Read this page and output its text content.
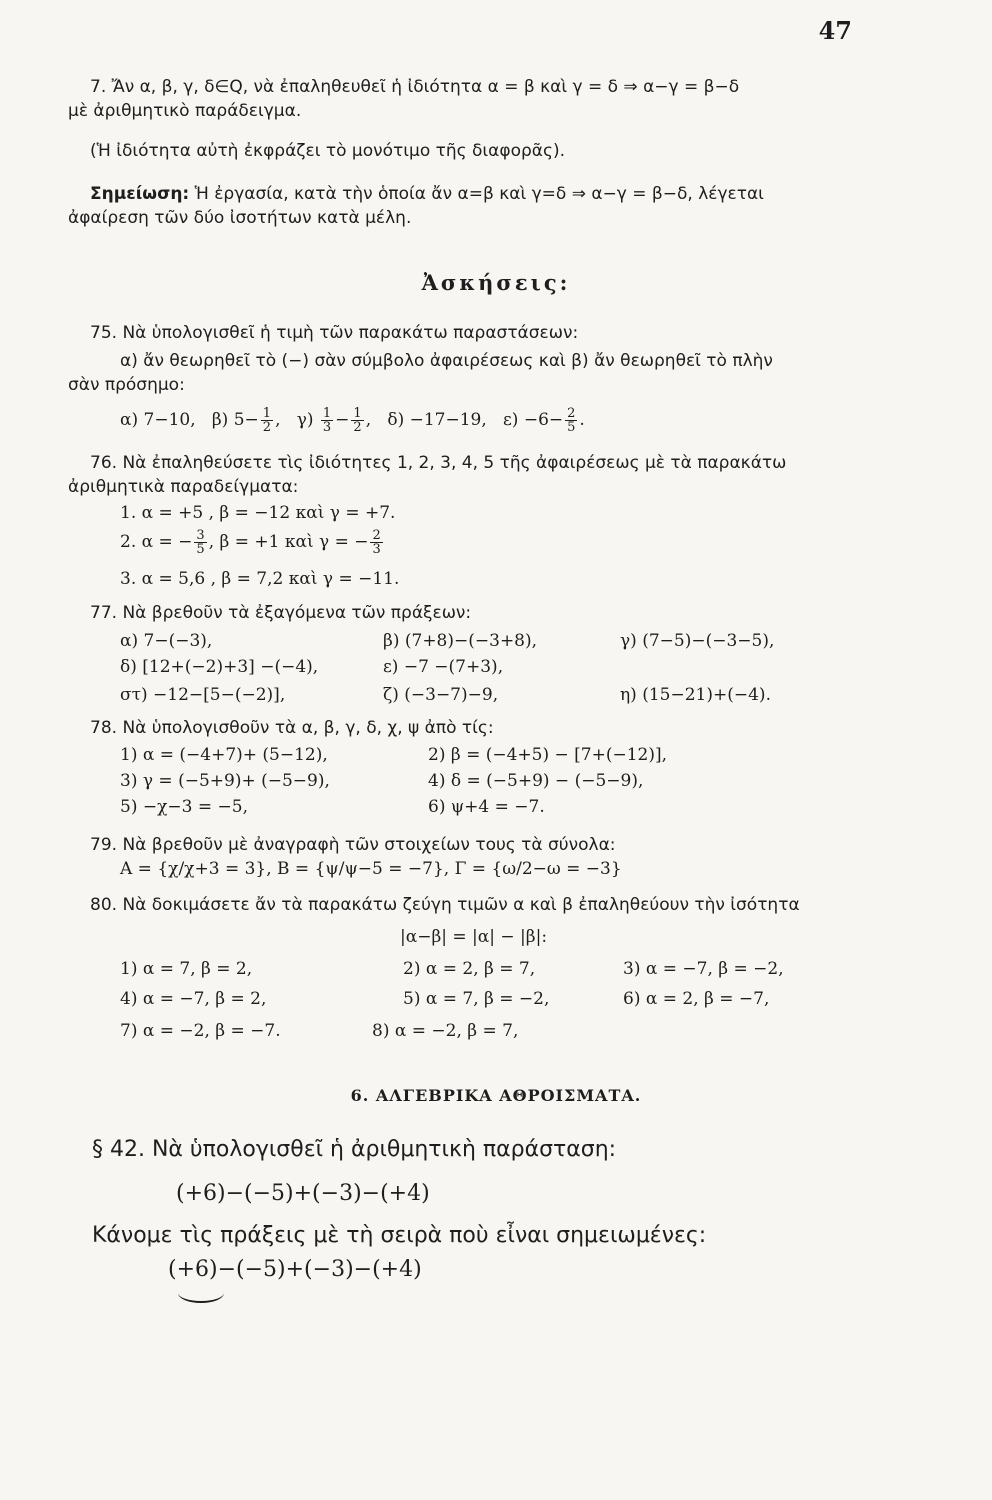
47
7. Ἄν α, β, γ, δ∈Q, νὰ ἐπαληθευθεῖ ἡ ἰδιότητα α = β καὶ γ = δ ⇒ α−γ = β−δ
μὲ ἀριθμητικὸ παράδειγμα.
(Ἡ ἰδιότητα αὐτὴ ἐκφράζει τὸ μονότιμο τῆς διαφορᾶς).
Σημείωση: Ἡ ἐργασία, κατὰ τὴν ὁποία ἄν α=β καὶ γ=δ ⇒ α−γ = β−δ, λέγεται
ἀφαίρεση τῶν δύο ἰσοτήτων κατὰ μέλη.
Ἀσκήσεις:
75. Νὰ ὑπολογισθεῖ ἡ τιμὴ τῶν παρακάτω παραστάσεων:
α) ἄν θεωρηθεῖ τὸ (−) σὰν σύμβολο ἀφαιρέσεως καὶ β) ἄν θεωρηθεῖ τὸ πλὴν
σὰν πρόσημο:
α) 7−10, β) $5- \frac{1}{2}$ ,   $\gamma) \frac{1}{3} - \frac{1}{2}$ ,   δ) −17−19, $\varepsilon) -6- \frac{2}{5}$ .
76. Νὰ ἐπαληθεύσετε τὶς ἰδιότητες 1, 2, 3, 4, 5 τῆς ἀφαιρέσεως μὲ τὰ παρακάτω
ἀριθμητικὰ παραδείγματα:
1. α = +5 , β = −12 καὶ γ = +7.
2. α = − $\frac{3}{5}$ , β = +1 καὶ γ = − $\frac{2}{3}$
3. α = 5,6 , β = 7,2 καὶ γ = −11.
77. Νὰ βρεθοῦν τὰ ἐξαγόμενα τῶν πράξεων:
α) 7−(−3),	β) (7+8)−(−3+8),	γ) (7−5)−(−3−5),
δ) [12+(−2)+3] −(−4),	ε) −7 −(7+3),
στ) −12−[5−(−2)],	ζ) (−3−7)−9,	η) (15−21)+(−4).
78. Νὰ ὑπολογισθοῦν τὰ α, β, γ, δ, χ, ψ ἀπὸ τίς:
1) α = (−4+7)+ (5−12),	2) β = (−4+5) − [7+(−12)],
3) γ = (−5+9)+ (−5−9),	4) δ = (−5+9) − (−5−9),
5) −χ−3 = −5,	6) ψ+4 = −7.
79. Νὰ βρεθοῦν μὲ ἀναγραφὴ τῶν στοιχείων τους τὰ σύνολα:
Α = {χ/χ+3 = 3}, Β = {ψ/ψ−5 = −7}, Γ = {ω/2−ω = −3}
80. Νὰ δοκιμάσετε ἄν τὰ παρακάτω ζεύγη τιμῶν α καὶ β ἐπαληθεύουν τὴν ἰσότητα
|α−β| = |α| − |β|:
1) α = 7, β = 2,	2) α = 2, β = 7,	3) α = −7, β = −2,
4) α = −7, β = 2,	5) α = 7, β = −2,	6) α = 2, β = −7,
7) α = −2, β = −7.	8) α = −2, β = 7,
6. ΑΛΓΕΒΡΙΚΑ ΑΘΡΟΙΣΜΑΤΑ.
§ 42. Νὰ ὑπολογισθεῖ ἡ ἀριθμητικὴ παράσταση:
(+6)−(−5)+(−3)−(+4)
Κάνομε τὶς πράξεις μὲ τὴ σειρὰ ποὺ εἶναι σημειωμένες:
(+6)−(−5)+(−3)−(+4)
